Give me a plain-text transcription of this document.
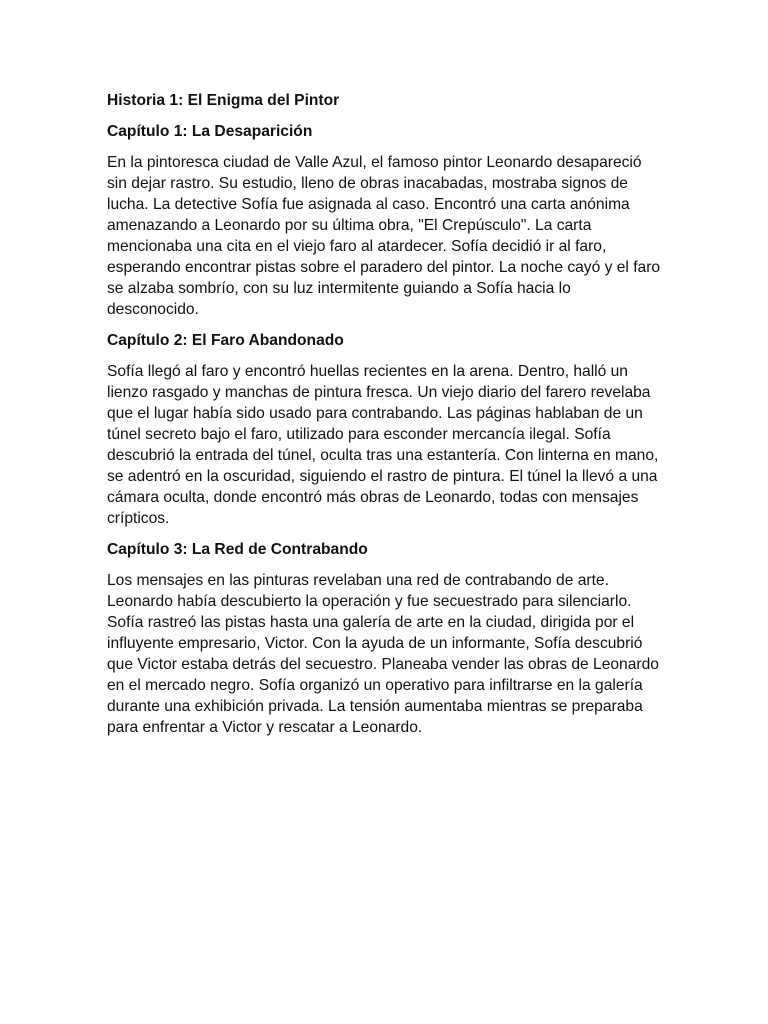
Historia 1: El Enigma del Pintor
Capítulo 1: La Desaparición

En la pintoresca ciudad de Valle Azul, el famoso pintor Leonardo desapareció sin dejar rastro. Su estudio, lleno de obras inacabadas, mostraba signos de lucha. La detective Sofía fue asignada al caso. Encontró una carta anónima amenazando a Leonardo por su última obra, "El Crepúsculo". La carta mencionaba una cita en el viejo faro al atardecer. Sofía decidió ir al faro, esperando encontrar pistas sobre el paradero del pintor. La noche cayó y el faro se alzaba sombrío, con su luz intermitente guiando a Sofía hacia lo desconocido.

Capítulo 2: El Faro Abandonado

Sofía llegó al faro y encontró huellas recientes en la arena. Dentro, halló un lienzo rasgado y manchas de pintura fresca. Un viejo diario del farero revelaba que el lugar había sido usado para contrabando. Las páginas hablaban de un túnel secreto bajo el faro, utilizado para esconder mercancía ilegal. Sofía descubrió la entrada del túnel, oculta tras una estantería. Con linterna en mano, se adentró en la oscuridad, siguiendo el rastro de pintura. El túnel la llevó a una cámara oculta, donde encontró más obras de Leonardo, todas con mensajes crípticos.

Capítulo 3: La Red de Contrabando

Los mensajes en las pinturas revelaban una red de contrabando de arte. Leonardo había descubierto la operación y fue secuestrado para silenciarlo. Sofía rastreó las pistas hasta una galería de arte en la ciudad, dirigida por el influyente empresario, Victor. Con la ayuda de un informante, Sofía descubrió que Victor estaba detrás del secuestro. Planeaba vender las obras de Leonardo en el mercado negro. Sofía organizó un operativo para infiltrarse en la galería durante una exhibición privada. La tensión aumentaba mientras se preparaba para enfrentar a Victor y rescatar a Leonardo.
